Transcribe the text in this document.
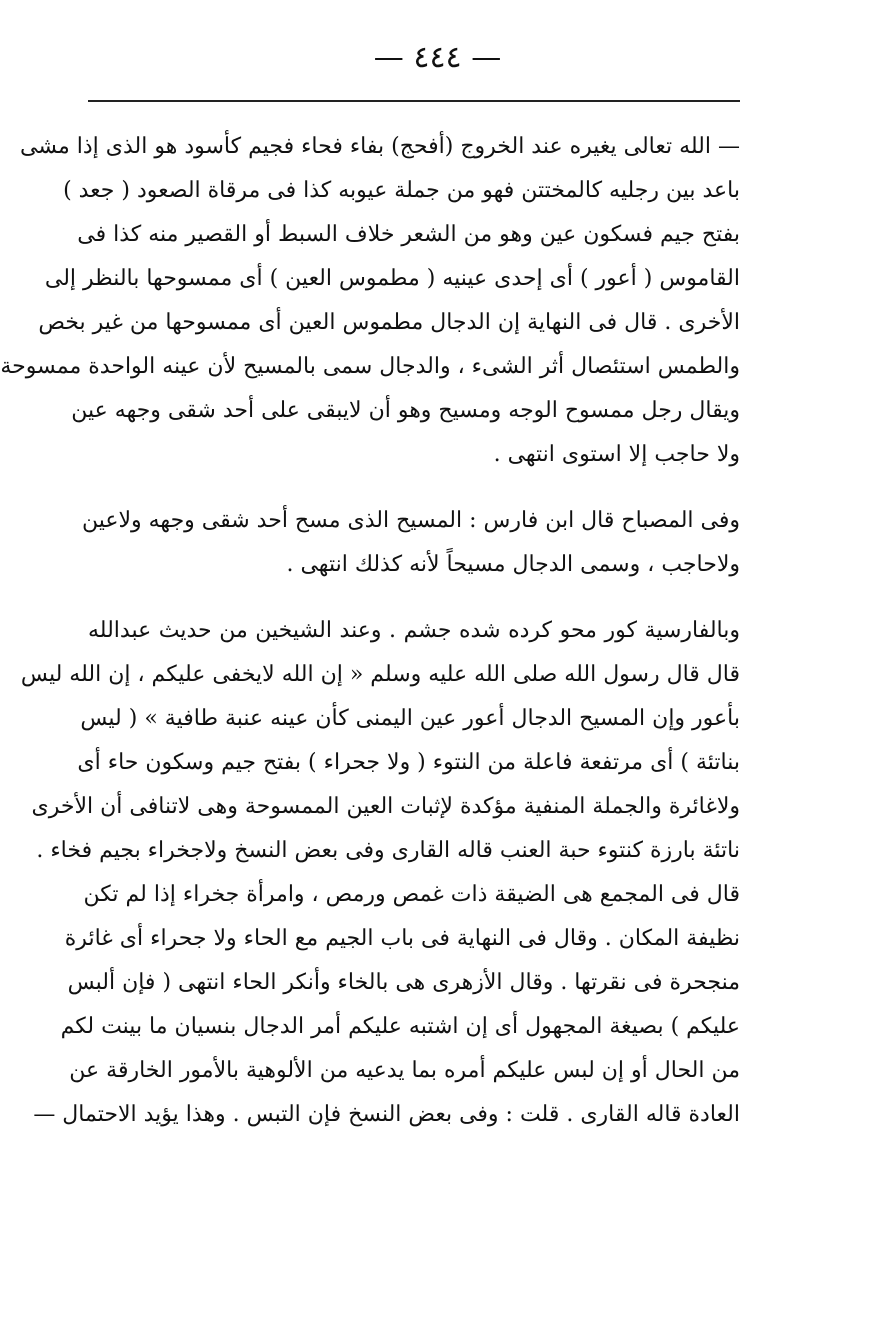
— ٤٤٤ —
— الله تعالى يغيره عند الخروج (أفحج) بفاء فحاء فجيم كأسود هو الذى إذا مشى
باعد بين رجليه كالمختتن فهو من جملة عيوبه كذا فى مرقاة الصعود ( جعد )
بفتح جيم فسكون عين وهو من الشعر خلاف السبط أو القصير منه كذا فى
القاموس ( أعور ) أى إحدى عينيه ( مطموس العين ) أى ممسوحها بالنظر إلى
الأخرى . قال فى النهاية إن الدجال مطموس العين أى ممسوحها من غير بخص
والطمس استئصال أثر الشىء ، والدجال سمى بالمسيح لأن عينه الواحدة ممسوحة
ويقال رجل ممسوح الوجه ومسيح وهو أن لايبقى على أحد شقى وجهه عين
ولا حاجب إلا استوى انتهى .
وفى المصباح قال ابن فارس : المسيح الذى مسح أحد شقى وجهه ولاعين
ولاحاجب ، وسمى الدجال مسيحاً لأنه كذلك انتهى .
وبالفارسية كور محو كرده شده جشم . وعند الشيخين من حديث عبدالله
قال قال رسول الله صلى الله عليه وسلم « إن الله لايخفى عليكم ، إن الله ليس
بأعور وإن المسيح الدجال أعور عين اليمنى كأن عينه عنبة طافية » ( ليس
بناتئة ) أى مرتفعة فاعلة من النتوء ( ولا جحراء ) بفتح جيم وسكون حاء أى
ولاغائرة والجملة المنفية مؤكدة لإثبات العين الممسوحة وهى لاتنافى أن الأخرى
ناتئة بارزة كنتوء حبة العنب قاله القارى وفى بعض النسخ ولاجخراء بجيم فخاء .
قال فى المجمع هى الضيقة ذات غمص ورمص ، وامرأة جخراء إذا لم تكن
نظيفة المكان . وقال فى النهاية فى باب الجيم مع الحاء ولا جحراء أى غائرة
منجحرة فى نقرتها . وقال الأزهرى هى بالخاء وأنكر الحاء انتهى ( فإن ألبس
عليكم ) بصيغة المجهول أى إن اشتبه عليكم أمر الدجال بنسيان ما بينت لكم
من الحال أو إن لبس عليكم أمره بما يدعيه من الألوهية بالأمور الخارقة عن
العادة قاله القارى . قلت : وفى بعض النسخ فإن التبس . وهذا يؤيد الاحتمال —
